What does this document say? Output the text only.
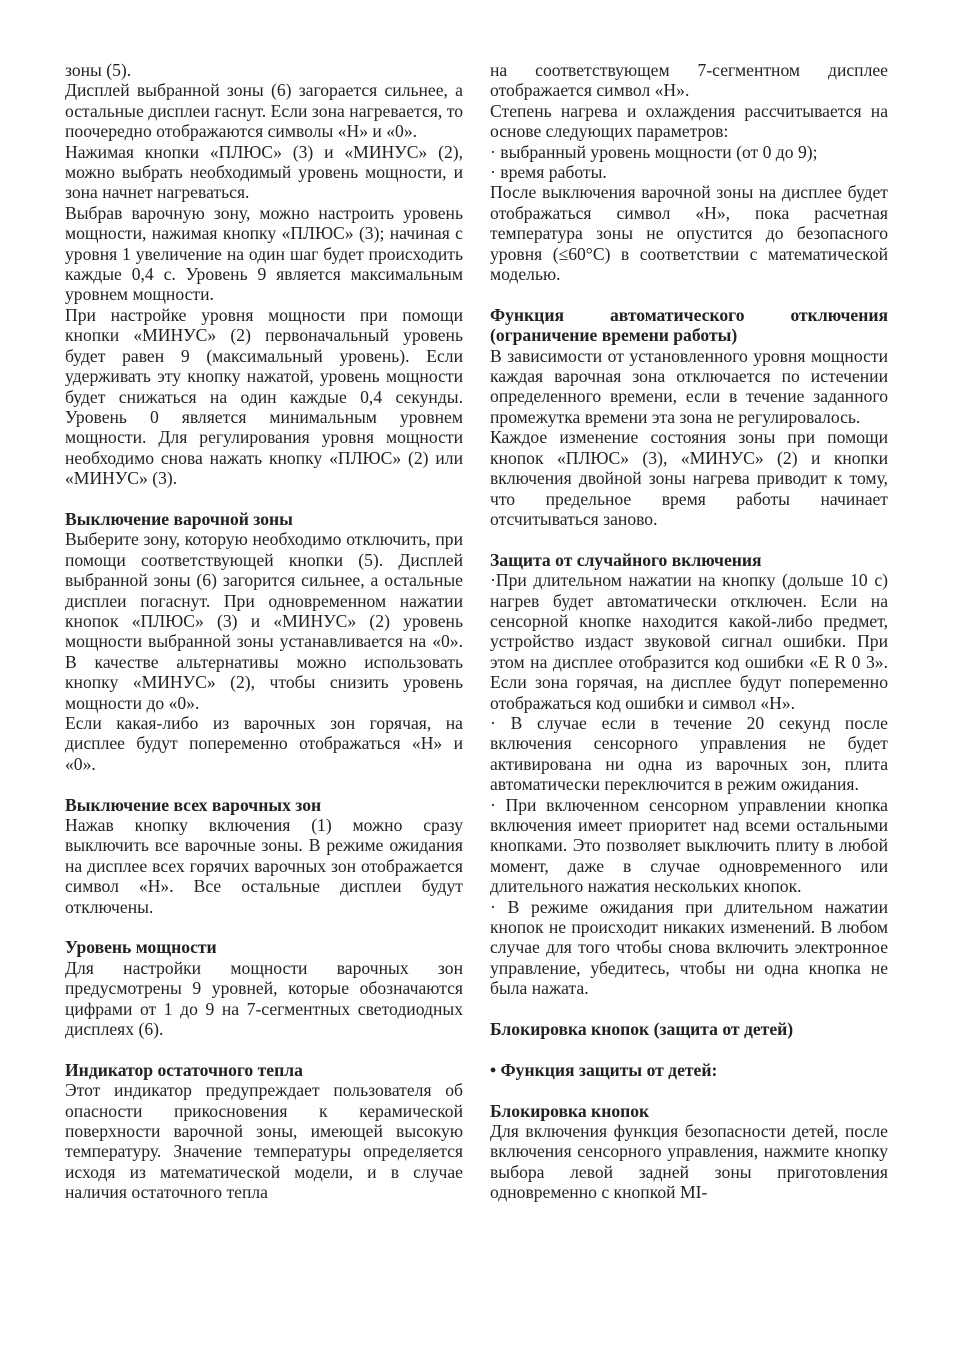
зоны (5).

Дисплей выбранной зоны (6) загорается сильнее, а остальные дисплеи гаснут. Если зона нагревается, то поочередно отображаются символы «H» и «0».

Нажимая кнопки «ПЛЮС» (3) и «МИНУС» (2), можно выбрать необходимый уровень мощности, и зона начнет нагреваться.

Выбрав варочную зону, можно настроить уровень мощности, нажимая кнопку «ПЛЮС» (3); начиная с уровня 1 увеличение на один шаг будет происходить каждые 0,4 с. Уровень 9 является максимальным уровнем мощности.

При настройке уровня мощности при помощи кнопки «МИНУС» (2) первоначальный уровень будет равен 9 (максимальный уровень). Если удерживать эту кнопку нажатой, уровень мощности будет снижаться на один каждые 0,4 секунды. Уровень 0 является минимальным уровнем мощности. Для регулирования уровня мощности необходимо снова нажать кнопку «ПЛЮС» (2) или «МИНУС» (3).

Выключение варочной зоны

Выберите зону, которую необходимо отключить, при помощи соответствующей кнопки (5). Дисплей выбранной зоны (6) загорится сильнее, а остальные дисплеи погаснут. При одновременном нажатии кнопок «ПЛЮС» (3) и «МИНУС» (2) уровень мощности выбранной зоны устанавливается на «0». В качестве альтернативы можно использовать кнопку «МИНУС» (2), чтобы снизить уровень мощности до «0».

Если какая-либо из варочных зон горячая, на дисплее будут попеременно отображаться «H» и «0».

Выключение всех варочных зон

Нажав кнопку включения (1) можно сразу выключить все варочные зоны. В режиме ожидания на дисплее всех горячих варочных зон отображается символ «H». Все остальные дисплеи будут отключены.

Уровень мощности

Для настройки мощности варочных зон предусмотрены 9 уровней, которые обозначаются цифрами от 1 до 9 на 7-сегментных светодиодных дисплеях (6).

Индикатор остаточного тепла

Этот индикатор предупреждает пользователя об опасности прикосновения к керамической поверхности варочной зоны, имеющей высокую температуру. Значение температуры определяется исходя из математической модели, и в случае наличия остаточного тепла

на соответствующем 7-сегментном дисплее отображается символ «H».

Степень нагрева и охлаждения рассчитывается на основе следующих параметров:

· выбранный уровень мощности (от 0 до 9);

· время работы.

После выключения варочной зоны на дисплее будет отображаться символ «H», пока расчетная температура зоны не опустится до безопасного уровня (≤60°C) в соответствии с математической моделью.

Функция автоматического отключения (ограничение времени работы)

В зависимости от установленного уровня мощности каждая варочная зона отключается по истечении определенного времени, если в течение заданного промежутка времени эта зона не регулировалось.

Каждое изменение состояния зоны при помощи кнопок «ПЛЮС» (3), «МИНУС» (2) и кнопки включения двойной зоны нагрева приводит к тому, что предельное время работы начинает отсчитываться заново.

Защита от случайного включения

·При длительном нажатии на кнопку (дольше 10 с) нагрев будет автоматически отключен. Если на сенсорной кнопке находится какой-либо предмет, устройство издаст звуковой сигнал ошибки. При этом на дисплее отобразится код ошибки «E R 0 3». Если зона горячая, на дисплее будут попеременно отображаться код ошибки и символ «H».

· В случае если в течение 20 секунд после включения сенсорного управления не будет активирована ни одна из варочных зон, плита автоматически переключится в режим ожидания.

· При включенном сенсорном управлении кнопка включения имеет приоритет над всеми остальными кнопками. Это позволяет выключить плиту в любой момент, даже в случае одновременного или длительного нажатия нескольких кнопок.

· В режиме ожидания при длительном нажатии кнопок не происходит никаких изменений. В любом случае для того чтобы снова включить электронное управление, убедитесь, чтобы ни одна кнопка не была нажата.

Блокировка кнопок (защита от детей)
• Функция защиты от детей:
Блокировка кнопок

Для включения функция безопасности детей, после включения сенсорного управления, нажмите кнопку выбора левой задней зоны приготовления одновременно с кнопкой MI-
